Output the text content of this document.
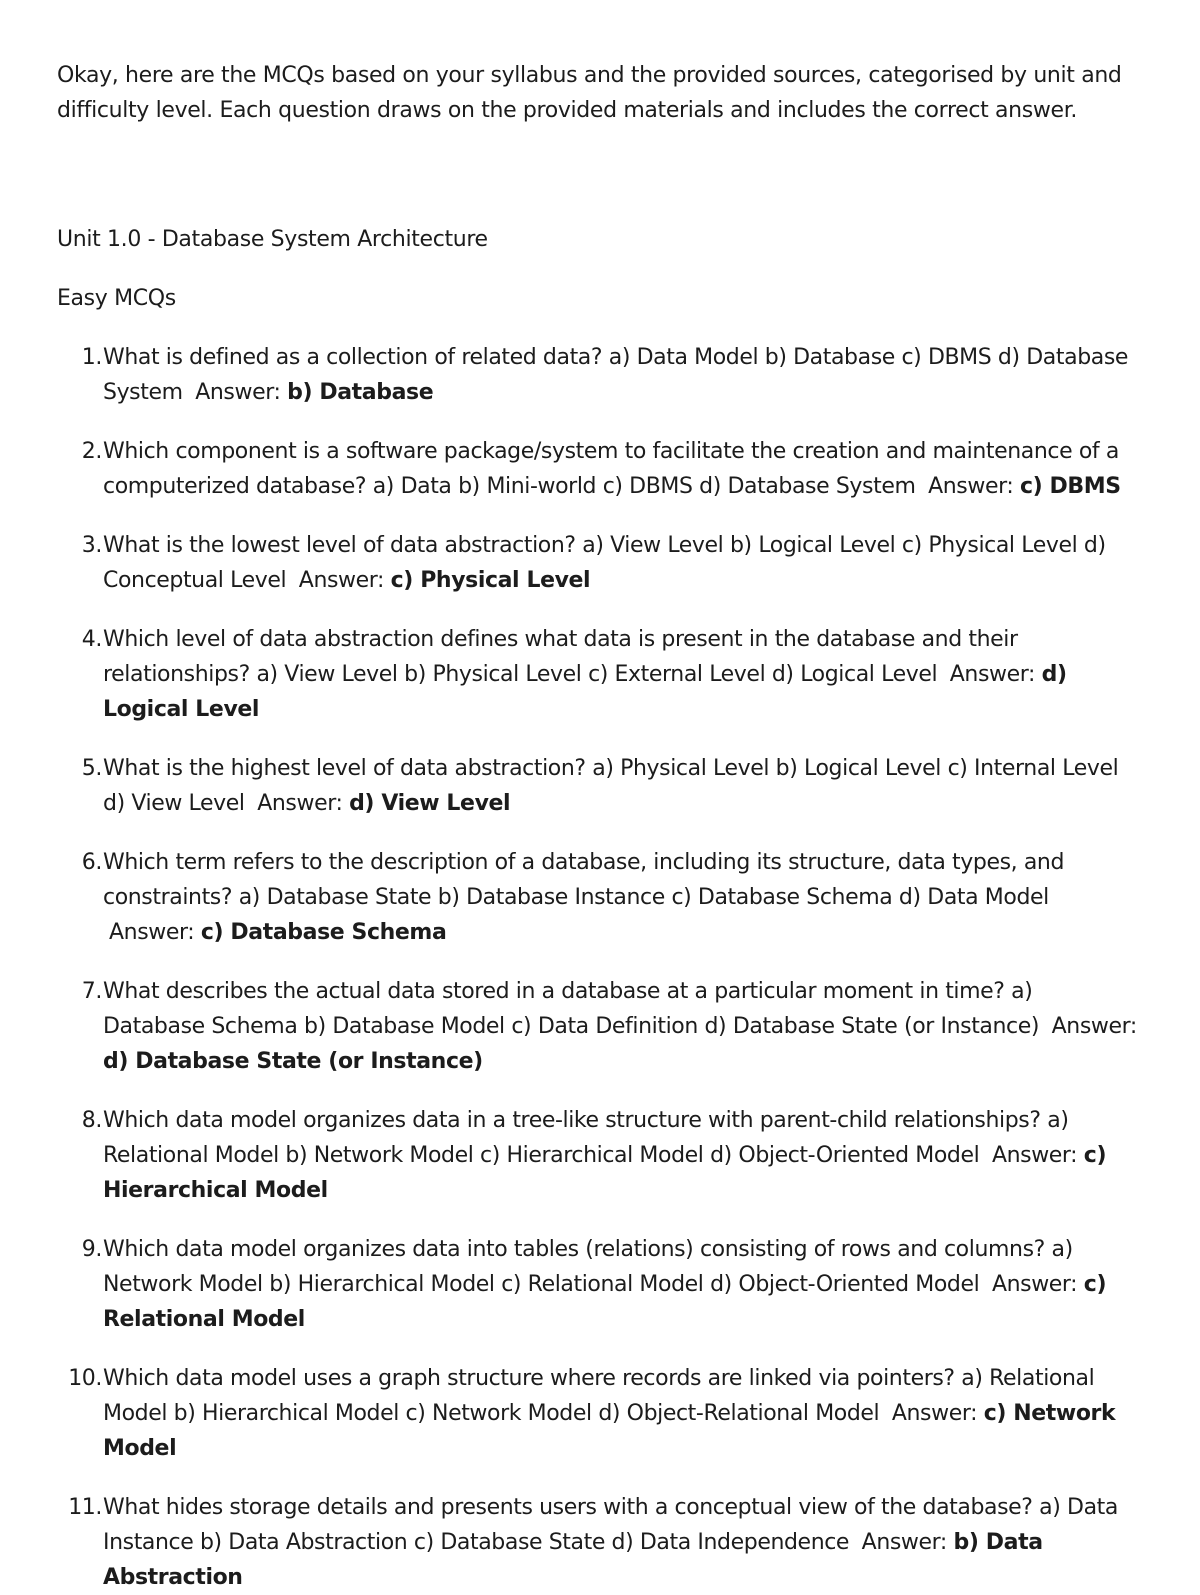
Okay, here are the MCQs based on your syllabus and the provided sources, categorised by unit and difficulty level. Each question draws on the provided materials and includes the correct answer.

Unit 1.0 - Database System Architecture
Easy MCQs
1. What is defined as a collection of related data? a) Data Model b) Database c) DBMS d) Database System Answer: b) Database
2. Which component is a software package/system to facilitate the creation and maintenance of a computerized database? a) Data b) Mini-world c) DBMS d) Database System Answer: c) DBMS
3. What is the lowest level of data abstraction? a) View Level b) Logical Level c) Physical Level d) Conceptual Level Answer: c) Physical Level
4. Which level of data abstraction defines what data is present in the database and their relationships? a) View Level b) Physical Level c) External Level d) Logical Level Answer: d) Logical Level
5. What is the highest level of data abstraction? a) Physical Level b) Logical Level c) Internal Level d) View Level Answer: d) View Level
6. Which term refers to the description of a database, including its structure, data types, and constraints? a) Database State b) Database Instance c) Database Schema d) Data Model Answer: c) Database Schema
7. What describes the actual data stored in a database at a particular moment in time? a) Database Schema b) Database Model c) Data Definition d) Database State (or Instance) Answer: d) Database State (or Instance)
8. Which data model organizes data in a tree-like structure with parent-child relationships? a) Relational Model b) Network Model c) Hierarchical Model d) Object-Oriented Model Answer: c) Hierarchical Model
9. Which data model organizes data into tables (relations) consisting of rows and columns? a) Network Model b) Hierarchical Model c) Relational Model d) Object-Oriented Model Answer: c) Relational Model
10. Which data model uses a graph structure where records are linked via pointers? a) Relational Model b) Hierarchical Model c) Network Model d) Object-Relational Model Answer: c) Network Model
11. What hides storage details and presents users with a conceptual view of the database? a) Data Instance b) Data Abstraction c) Database State d) Data Independence Answer: b) Data Abstraction
